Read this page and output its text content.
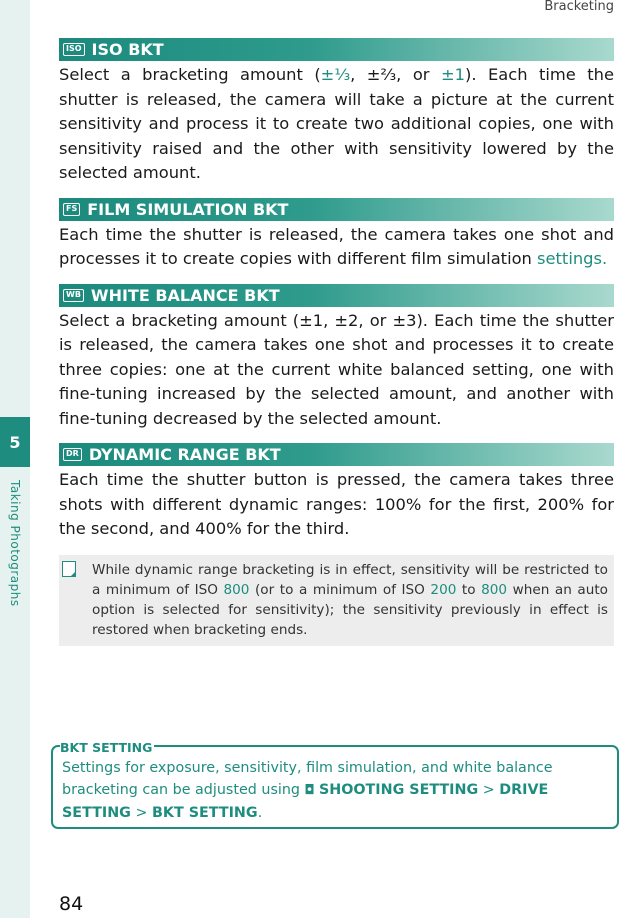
5
Taking Photographs
Bracketing
ISO ISO BKT
Select a bracketing amount (±⅓, ±⅔, or ±1). Each time the shutter is released, the camera will take a picture at the current sensitivity and process it to create two additional copies, one with sensitivity raised and the other with sensitivity lowered by the selected amount.
FS FILM SIMULATION BKT
Each time the shutter is released, the camera takes one shot and processes it to create copies with different film simulation settings.
WB WHITE BALANCE BKT
Select a bracketing amount (±1, ±2, or ±3). Each time the shutter is released, the camera takes one shot and processes it to create three copies: one at the current white balanced setting, one with fine-tuning increased by the selected amount, and another with fine-tuning decreased by the selected amount.
DR DYNAMIC RANGE BKT
Each time the shutter button is pressed, the camera takes three shots with different dynamic ranges: 100% for the first, 200% for the second, and 400% for the third.
While dynamic range bracketing is in effect, sensitivity will be restricted to a minimum of ISO 800 (or to a minimum of ISO 200 to 800 when an auto option is selected for sensitivity); the sensitivity previously in effect is restored when bracketing ends.
BKT SETTING
Settings for exposure, sensitivity, film simulation, and white balance bracketing can be adjusted using ◘ SHOOTING SETTING > DRIVE SETTING > BKT SETTING.
84
